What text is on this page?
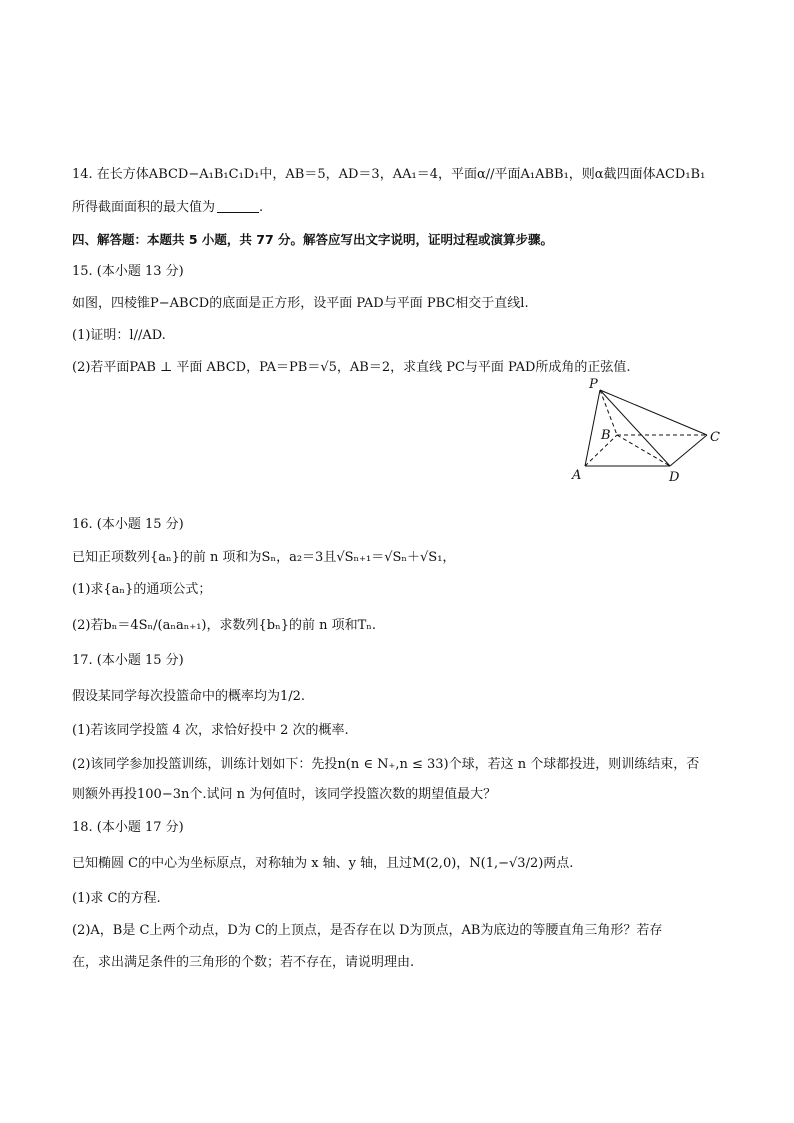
14. 在长方体ABCD−A₁B₁C₁D₁中，AB＝5，AD＝3，AA₁＝4，平面α//平面A₁ABB₁，则α截四面体ACD₁B₁
所得截面面积的最大值为	.
四、解答题：本题共 5 小题，共 77 分。解答应写出文字说明，证明过程或演算步骤。
15. (本小题 13 分)
如图，四棱锥P−ABCD的底面是正方形，设平面 PAD与平面 PBC相交于直线l.
(1)证明：l//AD.
(2)若平面PAB ⊥ 平面 ABCD，PA＝PB＝√5，AB＝2，求直线 PC与平面 PAD所成角的正弦值.
P
B	C
A	D
16. (本小题 15 分)
已知正项数列{aₙ}的前 n 项和为Sₙ，a₂＝3且√Sₙ₊₁＝√Sₙ＋√S₁，
(1)求{aₙ}的通项公式；
(2)若bₙ＝4Sₙ/(aₙaₙ₊₁)，求数列{bₙ}的前 n 项和Tₙ.
17. (本小题 15 分)
假设某同学每次投篮命中的概率均为1/2.
(1)若该同学投篮 4 次，求恰好投中 2 次的概率.
(2)该同学参加投篮训练，训练计划如下：先投n(n ∈ N₊,n ≤ 33)个球，若这 n 个球都投进，则训练结束，否
则额外再投100−3n个.试问 n 为何值时，该同学投篮次数的期望值最大？
18. (本小题 17 分)
已知椭圆 C的中心为坐标原点，对称轴为 x 轴、y 轴，且过M(2,0)，N(1,−√3/2)两点.
(1)求 C的方程.
(2)A，B是 C上两个动点，D为 C的上顶点，是否存在以 D为顶点，AB为底边的等腰直角三角形？若存
在，求出满足条件的三角形的个数；若不存在，请说明理由.
